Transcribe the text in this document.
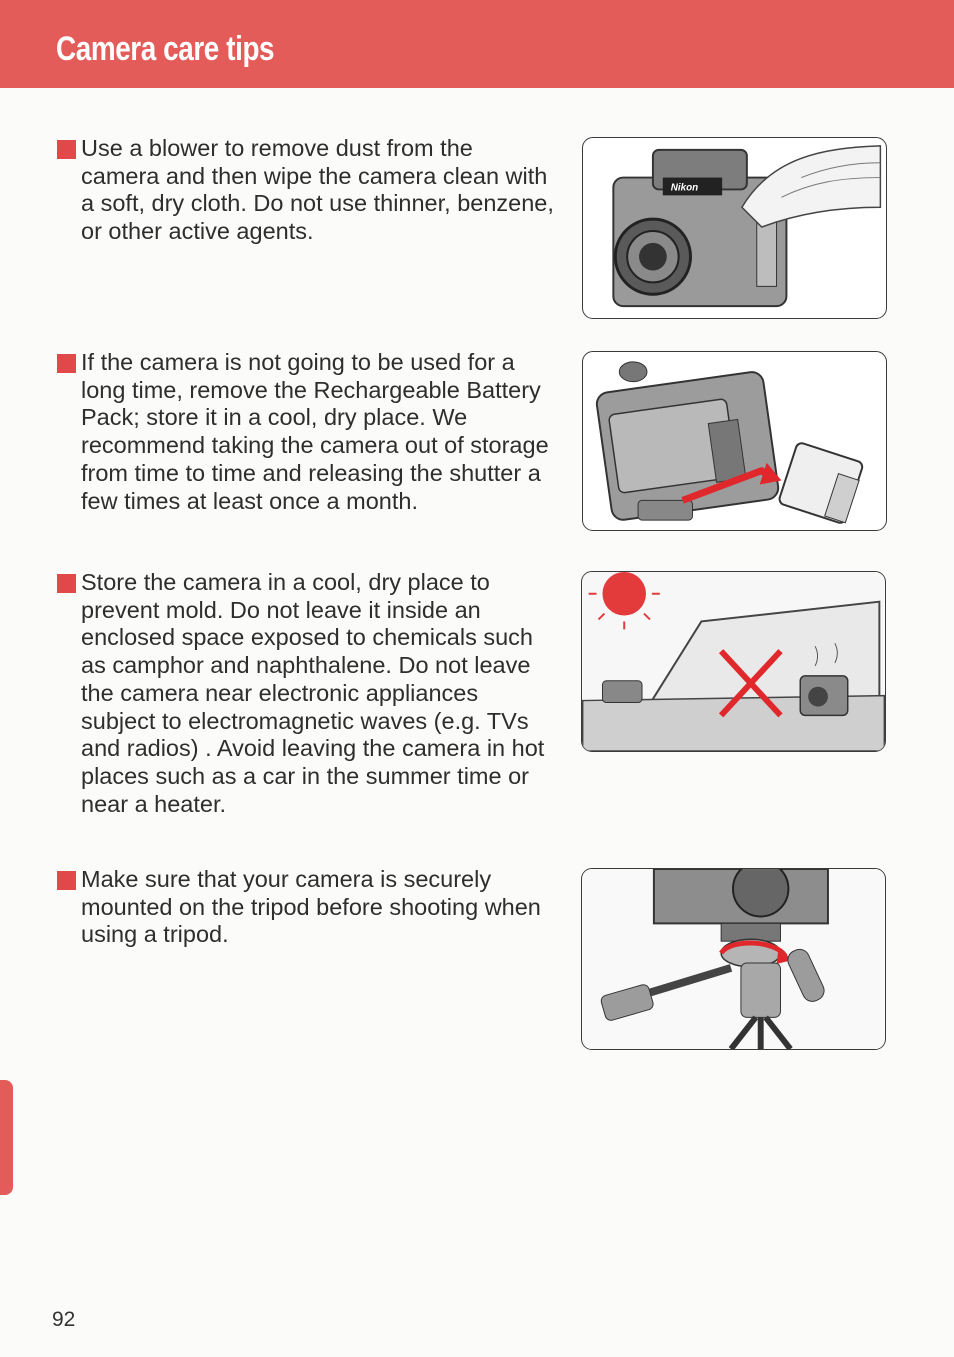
Camera care tips
Use a blower to remove dust from the camera and then wipe the camera clean with a soft, dry cloth. Do not use thinner, benzene, or other active agents.
If the camera is not going to be used for a long time, remove the Rechargeable Battery Pack; store it in a cool, dry place. We recommend taking the camera out of storage from time to time and releasing the shutter a few times at least once a month.
Store the camera in a cool, dry place to prevent mold. Do not leave it inside an enclosed space exposed to chemicals such as camphor and naphthalene. Do not leave the camera near electronic appliances subject to electromagnetic waves (e.g. TVs and radios) . Avoid leaving the camera in hot places such as a car in the summer time or near a heater.
Make sure that your camera is securely mounted on the tripod before shooting when using a tripod.
Nikon
92
